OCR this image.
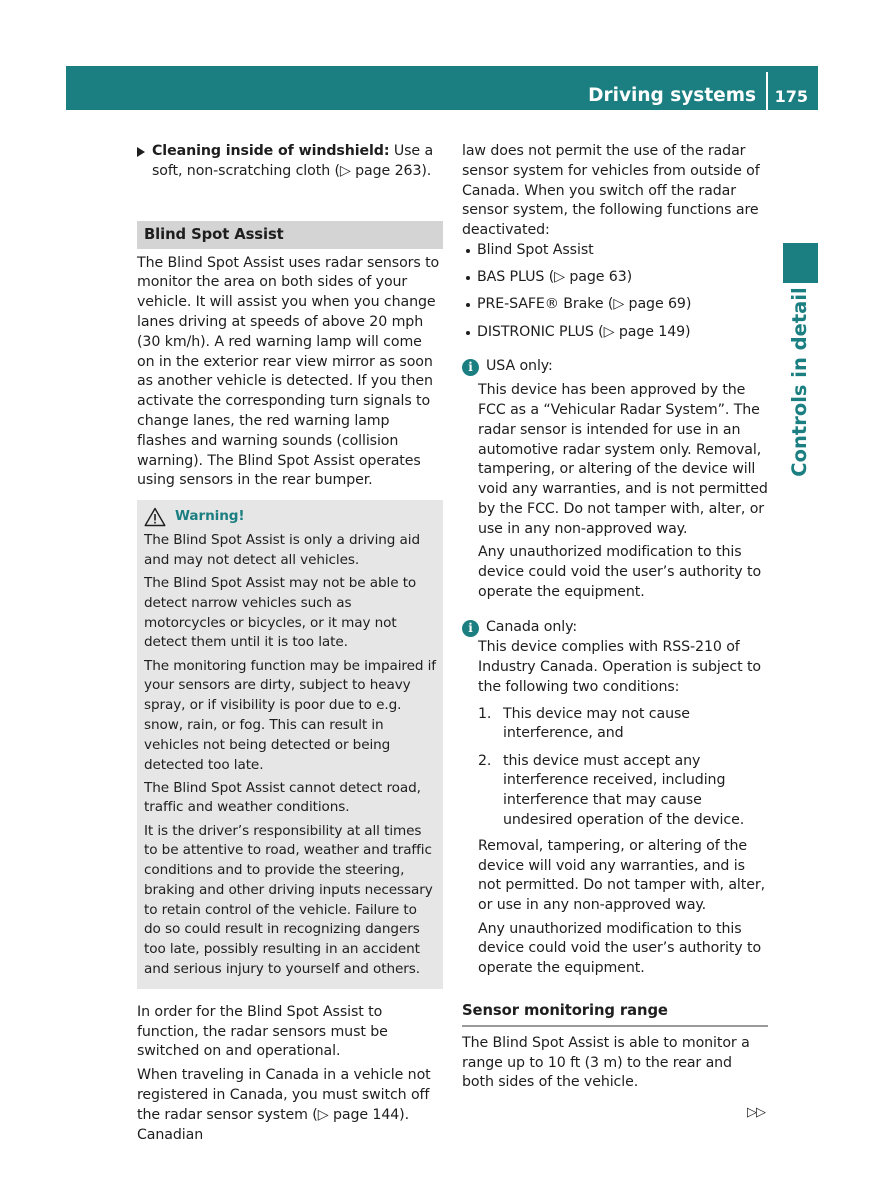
Driving systems 175
Controls in detail
Cleaning inside of windshield: Use a soft, non-scratching cloth (▷ page 263).
Blind Spot Assist

The Blind Spot Assist uses radar sensors to monitor the area on both sides of your vehicle. It will assist you when you change lanes driving at speeds of above 20 mph (30 km/h). A red warning lamp will come on in the exterior rear view mirror as soon as another vehicle is detected. If you then activate the corresponding turn signals to change lanes, the red warning lamp flashes and warning sounds (collision warning). The Blind Spot Assist operates using sensors in the rear bumper.

Warning!

The Blind Spot Assist is only a driving aid and may not detect all vehicles.

The Blind Spot Assist may not be able to detect narrow vehicles such as motorcycles or bicycles, or it may not detect them until it is too late.

The monitoring function may be impaired if your sensors are dirty, subject to heavy spray, or if visibility is poor due to e.g. snow, rain, or fog. This can result in vehicles not being detected or being detected too late.

The Blind Spot Assist cannot detect road, traffic and weather conditions.

It is the driver’s responsibility at all times to be attentive to road, weather and traffic conditions and to provide the steering, braking and other driving inputs necessary to retain control of the vehicle. Failure to do so could result in recognizing dangers too late, possibly resulting in an accident and serious injury to yourself and others.

In order for the Blind Spot Assist to function, the radar sensors must be switched on and operational.

When traveling in Canada in a vehicle not registered in Canada, you must switch off the radar sensor system (▷ page 144). Canadian

law does not permit the use of the radar sensor system for vehicles from outside of Canada. When you switch off the radar sensor system, the following functions are deactivated:

Blind Spot Assist
BAS PLUS (▷ page 63)
PRE-SAFE® Brake (▷ page 69)
DISTRONIC PLUS (▷ page 149)
i USA only:

This device has been approved by the FCC as a “Vehicular Radar System”. The radar sensor is intended for use in an automotive radar system only. Removal, tampering, or altering of the device will void any warranties, and is not permitted by the FCC. Do not tamper with, alter, or use in any non-approved way.

Any unauthorized modification to this device could void the user’s authority to operate the equipment.

i Canada only:

This device complies with RSS-210 of Industry Canada. Operation is subject to the following two conditions:

1. This device may not cause interference, and
2. this device must accept any interference received, including interference that may cause undesired operation of the device.

Removal, tampering, or altering of the device will void any warranties, and is not permitted. Do not tamper with, alter, or use in any non-approved way.

Any unauthorized modification to this device could void the user’s authority to operate the equipment.

Sensor monitoring range

The Blind Spot Assist is able to monitor a range up to 10 ft (3 m) to the rear and both sides of the vehicle.

▷▷
